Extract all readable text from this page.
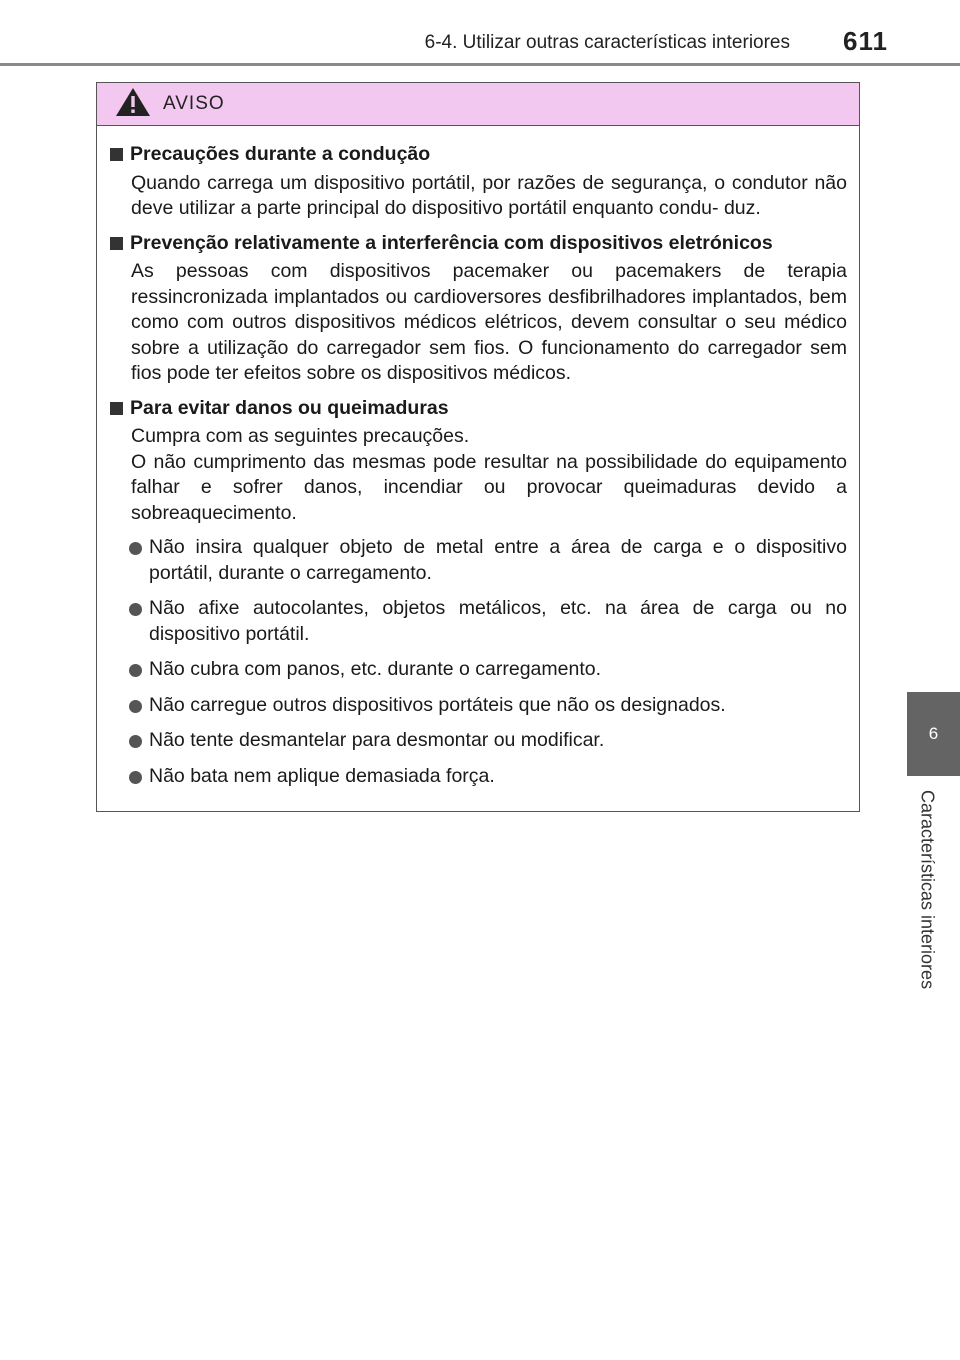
6-4. Utilizar outras características interiores 611
6
Características interiores
AVISO
Precauções durante a condução
Quando carrega um dispositivo portátil, por razões de segurança, o condutor não deve utilizar a parte principal do dispositivo portátil enquanto condu- duz.
Prevenção relativamente a interferência com dispositivos eletrónicos
As pessoas com dispositivos pacemaker ou pacemakers de terapia ressincronizada implantados ou cardioversores desfibrilhadores implantados, bem como com outros dispositivos médicos elétricos, devem consultar o seu médico sobre a utilização do carregador sem fios. O funcionamento do carregador sem fios pode ter efeitos sobre os dispositivos médicos.
Para evitar danos ou queimaduras
Cumpra com as seguintes precauções.
O não cumprimento das mesmas pode resultar na possibilidade do equipamento falhar e sofrer danos, incendiar ou provocar queimaduras devido a sobreaquecimento.
Não insira qualquer objeto de metal entre a área de carga e o dispositivo portátil, durante o carregamento.
Não afixe autocolantes, objetos metálicos, etc. na área de carga ou no dispositivo portátil.
Não cubra com panos, etc. durante o carregamento.
Não carregue outros dispositivos portáteis que não os designados.
Não tente desmantelar para desmontar ou modificar.
Não bata nem aplique demasiada força.
